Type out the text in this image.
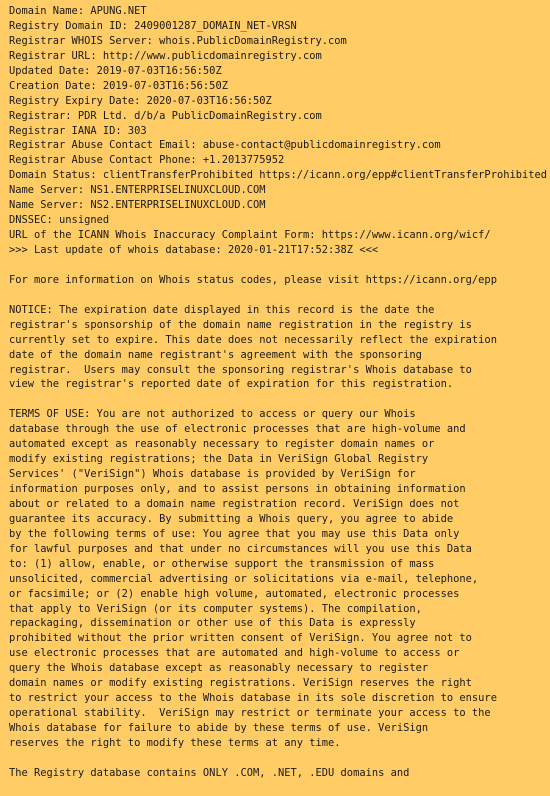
Domain Name: APUNG.NET
Registry Domain ID: 2409001287_DOMAIN_NET-VRSN
Registrar WHOIS Server: whois.PublicDomainRegistry.com
Registrar URL: http://www.publicdomainregistry.com
Updated Date: 2019-07-03T16:56:50Z
Creation Date: 2019-07-03T16:56:50Z
Registry Expiry Date: 2020-07-03T16:56:50Z
Registrar: PDR Ltd. d/b/a PublicDomainRegistry.com
Registrar IANA ID: 303
Registrar Abuse Contact Email: abuse-contact@publicdomainregistry.com
Registrar Abuse Contact Phone: +1.2013775952
Domain Status: clientTransferProhibited https://icann.org/epp#clientTransferProhibited
Name Server: NS1.ENTERPRISELINUXCLOUD.COM
Name Server: NS2.ENTERPRISELINUXCLOUD.COM
DNSSEC: unsigned
URL of the ICANN Whois Inaccuracy Complaint Form: https://www.icann.org/wicf/
>>> Last update of whois database: 2020-01-21T17:52:38Z <<<
For more information on Whois status codes, please visit https://icann.org/epp
NOTICE: The expiration date displayed in this record is the date the
registrar's sponsorship of the domain name registration in the registry is
currently set to expire. This date does not necessarily reflect the expiration
date of the domain name registrant's agreement with the sponsoring
registrar.  Users may consult the sponsoring registrar's Whois database to
view the registrar's reported date of expiration for this registration.
TERMS OF USE: You are not authorized to access or query our Whois
database through the use of electronic processes that are high-volume and
automated except as reasonably necessary to register domain names or
modify existing registrations; the Data in VeriSign Global Registry
Services' ("VeriSign") Whois database is provided by VeriSign for
information purposes only, and to assist persons in obtaining information
about or related to a domain name registration record. VeriSign does not
guarantee its accuracy. By submitting a Whois query, you agree to abide
by the following terms of use: You agree that you may use this Data only
for lawful purposes and that under no circumstances will you use this Data
to: (1) allow, enable, or otherwise support the transmission of mass
unsolicited, commercial advertising or solicitations via e-mail, telephone,
or facsimile; or (2) enable high volume, automated, electronic processes
that apply to VeriSign (or its computer systems). The compilation,
repackaging, dissemination or other use of this Data is expressly
prohibited without the prior written consent of VeriSign. You agree not to
use electronic processes that are automated and high-volume to access or
query the Whois database except as reasonably necessary to register
domain names or modify existing registrations. VeriSign reserves the right
to restrict your access to the Whois database in its sole discretion to ensure
operational stability.  VeriSign may restrict or terminate your access to the
Whois database for failure to abide by these terms of use. VeriSign
reserves the right to modify these terms at any time.
The Registry database contains ONLY .COM, .NET, .EDU domains and
